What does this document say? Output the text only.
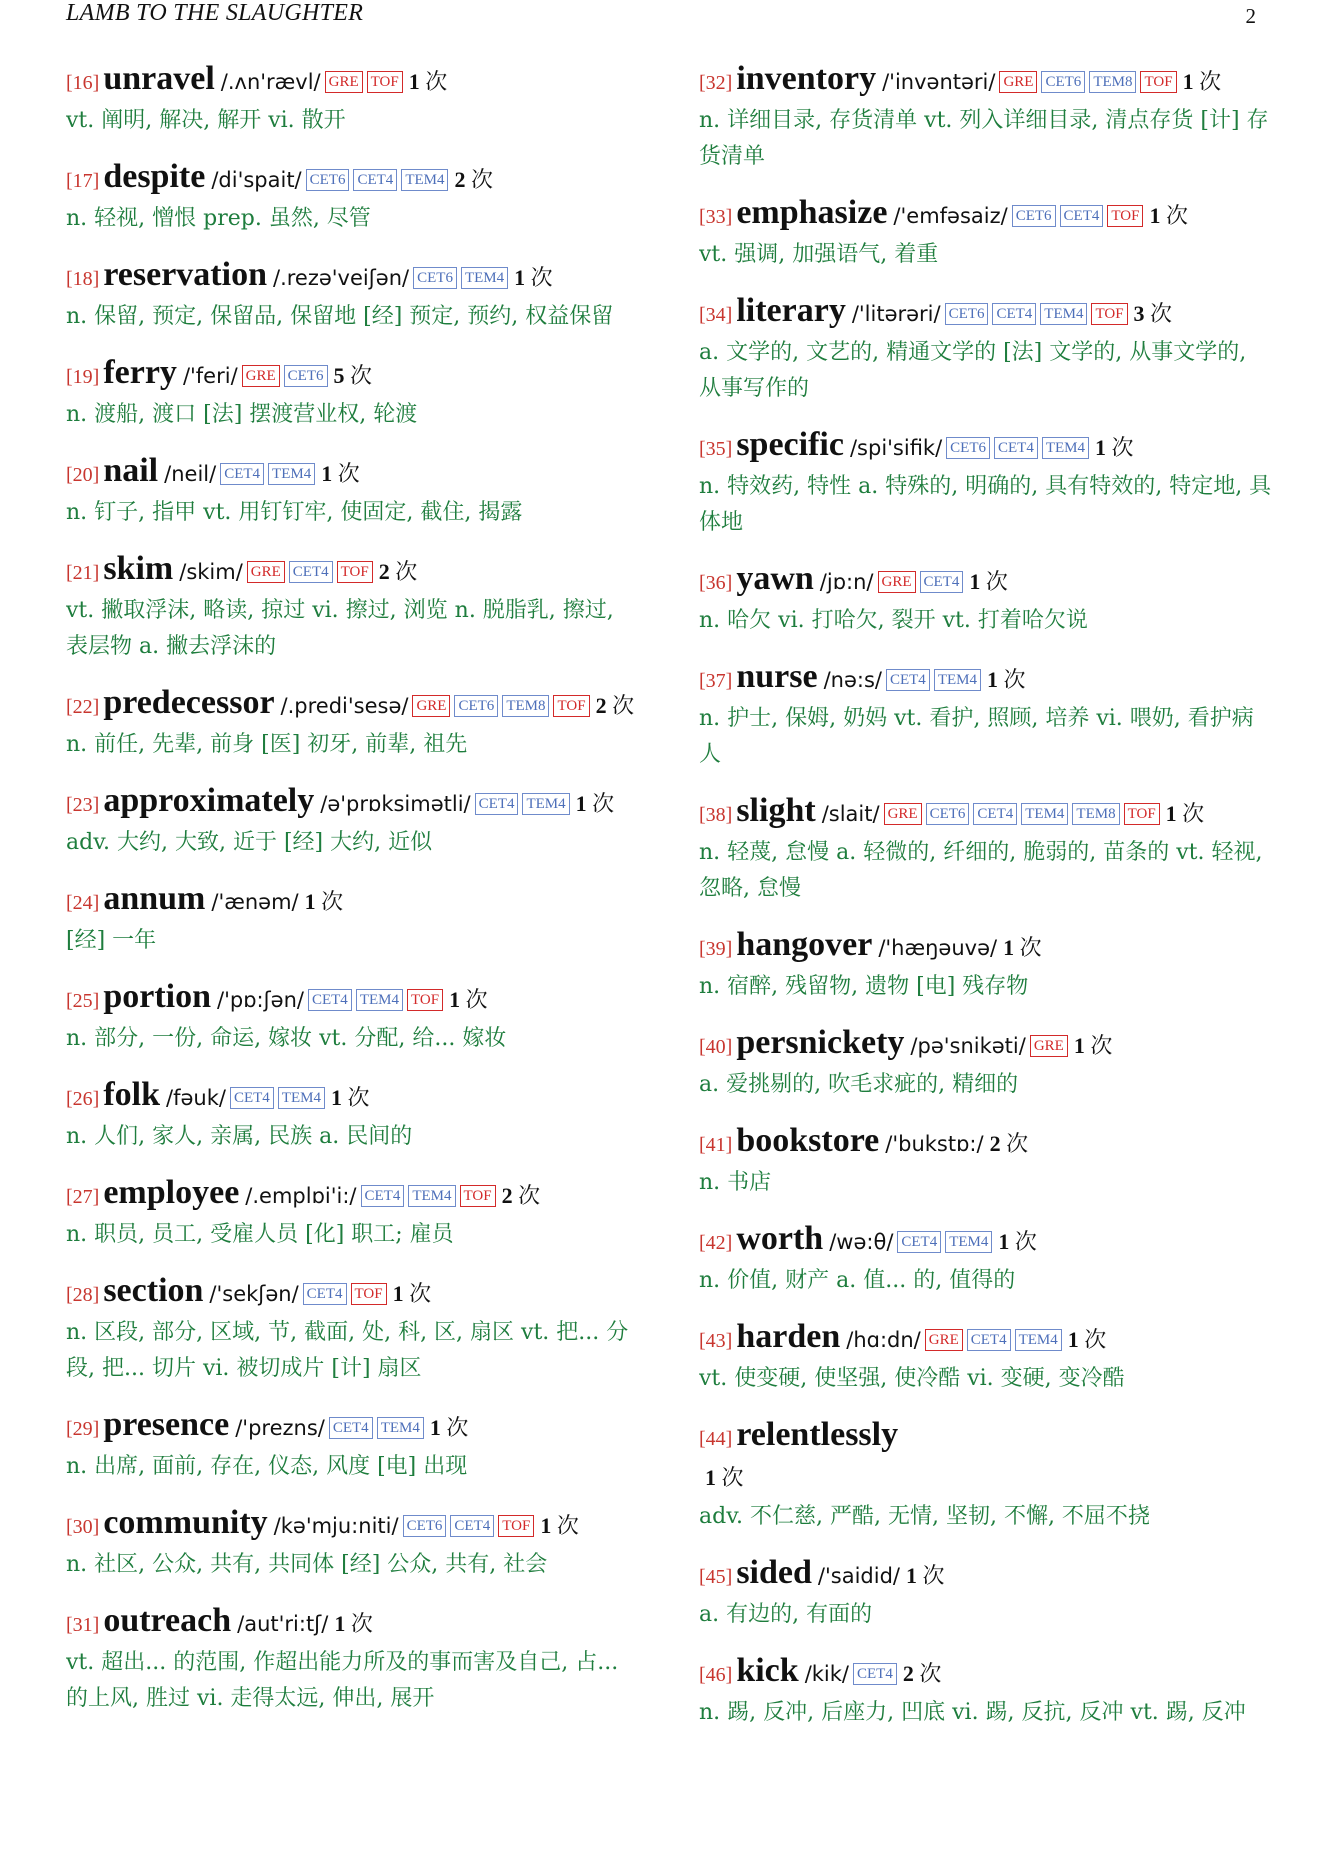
LAMB TO THE SLAUGHTER	2
[16] unravel /.ʌn'rævl/ GRE TOF 1 次
vt. 阐明, 解决, 解开 vi. 散开
[17] despite /di'spait/ CET6 CET4 TEM4 2 次
n. 轻视, 憎恨 prep. 虽然, 尽管
[18] reservation /.rezə'veiʃən/ CET6 TEM4 1 次
n. 保留, 预定, 保留品, 保留地 [经] 预定, 预约, 权益保留
[19] ferry /'feri/ GRE CET6 5 次
n. 渡船, 渡口 [法] 摆渡营业权, 轮渡
[20] nail /neil/ CET4 TEM4 1 次
n. 钉子, 指甲 vt. 用钉钉牢, 使固定, 截住, 揭露
[21] skim /skim/ GRE CET4 TOF 2 次
vt. 撇取浮沫, 略读, 掠过 vi. 擦过, 浏览 n. 脱脂乳, 擦过, 表层物 a. 撇去浮沫的
[22] predecessor /.predi'sesə/ GRE CET6 TEM8 TOF 2 次
n. 前任, 先辈, 前身 [医] 初牙, 前辈, 祖先
[23] approximately /ə'prɒksimətli/ CET4 TEM4 1 次
adv. 大约, 大致, 近于 [经] 大约, 近似
[24] annum /'ænəm/ 1 次
[经] 一年
[25] portion /'pɒ:ʃən/ CET4 TEM4 TOF 1 次
n. 部分, 一份, 命运, 嫁妆 vt. 分配, 给... 嫁妆
[26] folk /fəuk/ CET4 TEM4 1 次
n. 人们, 家人, 亲属, 民族 a. 民间的
[27] employee /.emplɒi'i:/ CET4 TEM4 TOF 2 次
n. 职员, 员工, 受雇人员 [化] 职工; 雇员
[28] section /'sekʃən/ CET4 TOF 1 次
n. 区段, 部分, 区域, 节, 截面, 处, 科, 区, 扇区 vt. 把... 分段, 把... 切片 vi. 被切成片 [计] 扇区
[29] presence /'prezns/ CET4 TEM4 1 次
n. 出席, 面前, 存在, 仪态, 风度 [电] 出现
[30] community /kə'mju:niti/ CET6 CET4 TOF 1 次
n. 社区, 公众, 共有, 共同体 [经] 公众, 共有, 社会
[31] outreach /aut'ri:tʃ/ 1 次
vt. 超出... 的范围, 作超出能力所及的事而害及自己, 占... 的上风, 胜过 vi. 走得太远, 伸出, 展开
[32] inventory /'invəntəri/ GRE CET6 TEM8 TOF 1 次
n. 详细目录, 存货清单 vt. 列入详细目录, 清点存货 [计] 存货清单
[33] emphasize /'emfəsaiz/ CET6 CET4 TOF 1 次
vt. 强调, 加强语气, 着重
[34] literary /'litərəri/ CET6 CET4 TEM4 TOF 3 次
a. 文学的, 文艺的, 精通文学的 [法] 文学的, 从事文学的, 从事写作的
[35] specific /spi'sifik/ CET6 CET4 TEM4 1 次
n. 特效药, 特性 a. 特殊的, 明确的, 具有特效的, 特定地, 具体地
[36] yawn /jɒ:n/ GRE CET4 1 次
n. 哈欠 vi. 打哈欠, 裂开 vt. 打着哈欠说
[37] nurse /nə:s/ CET4 TEM4 1 次
n. 护士, 保姆, 奶妈 vt. 看护, 照顾, 培养 vi. 喂奶, 看护病人
[38] slight /slait/ GRE CET6 CET4 TEM4 TEM8 TOF 1 次
n. 轻蔑, 怠慢 a. 轻微的, 纤细的, 脆弱的, 苗条的 vt. 轻视, 忽略, 怠慢
[39] hangover /'hæŋəuvə/ 1 次
n. 宿醉, 残留物, 遗物 [电] 残存物
[40] persnickety /pə'snikəti/ GRE 1 次
a. 爱挑剔的, 吹毛求疵的, 精细的
[41] bookstore /'bukstɒ:/ 2 次
n. 书店
[42] worth /wə:θ/ CET4 TEM4 1 次
n. 价值, 财产 a. 值... 的, 值得的
[43] harden /hɑ:dn/ GRE CET4 TEM4 1 次
vt. 使变硬, 使坚强, 使冷酷 vi. 变硬, 变冷酷
[44] relentlessly
1 次
adv. 不仁慈, 严酷, 无情, 坚韧, 不懈, 不屈不挠
[45] sided /'saidid/ 1 次
a. 有边的, 有面的
[46] kick /kik/ CET4 2 次
n. 踢, 反冲, 后座力, 凹底 vi. 踢, 反抗, 反冲 vt. 踢, 反冲
